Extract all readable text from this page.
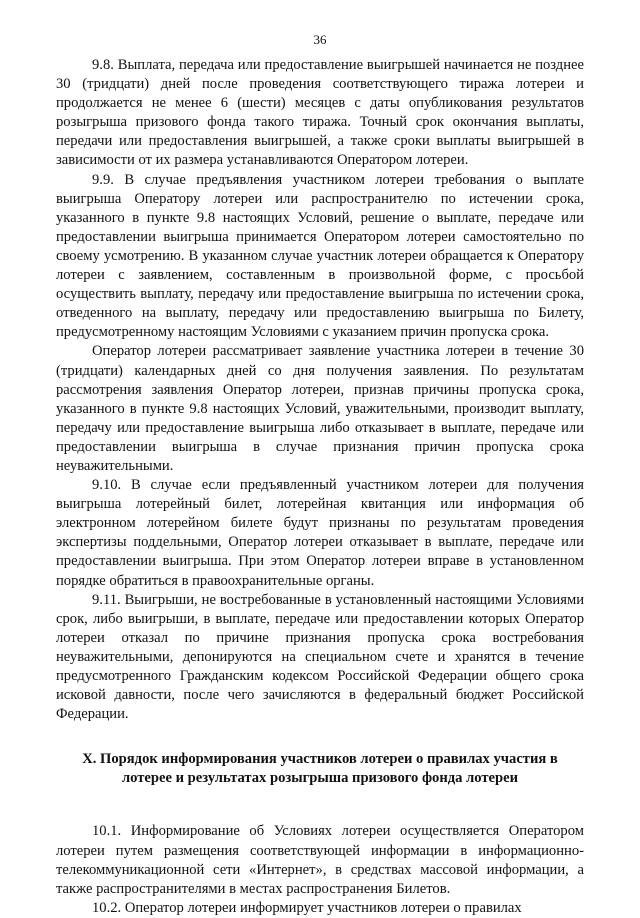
36

9.8. Выплата, передача или предоставление выигрышей начинается не позднее 30 (тридцати) дней после проведения соответствующего тиража лотереи и продолжается не менее 6 (шести) месяцев с даты опубликования результатов розыгрыша призового фонда такого тиража. Точный срок окончания выплаты, передачи или предоставления выигрышей, а также сроки выплаты выигрышей в зависимости от их размера устанавливаются Оператором лотереи.

9.9. В случае предъявления участником лотереи требования о выплате выигрыша Оператору лотереи или распространителю по истечении срока, указанного в пункте 9.8 настоящих Условий, решение о выплате, передаче или предоставлении выигрыша принимается Оператором лотереи самостоятельно по своему усмотрению. В указанном случае участник лотереи обращается к Оператору лотереи с заявлением, составленным в произвольной форме, с просьбой осуществить выплату, передачу или предоставление выигрыша по истечении срока, отведенного на выплату, передачу или предоставлению выигрыша по Билету, предусмотренному настоящим Условиями с указанием причин пропуска срока.

Оператор лотереи рассматривает заявление участника лотереи в течение 30 (тридцати) календарных дней со дня получения заявления. По результатам рассмотрения заявления Оператор лотереи, признав причины пропуска срока, указанного в пункте 9.8 настоящих Условий, уважительными, производит выплату, передачу или предоставление выигрыша либо отказывает в выплате, передаче или предоставлении выигрыша в случае признания причин пропуска срока неуважительными.

9.10. В случае если предъявленный участником лотереи для получения выигрыша лотерейный билет, лотерейная квитанция или информация об электронном лотерейном билете будут признаны по результатам проведения экспертизы поддельными, Оператор лотереи отказывает в выплате, передаче или предоставлении выигрыша. При этом Оператор лотереи вправе в установленном порядке обратиться в правоохранительные органы.

9.11. Выигрыши, не востребованные в установленный настоящими Условиями срок, либо выигрыши, в выплате, передаче или предоставлении которых Оператор лотереи отказал по причине признания пропуска срока востребования неуважительными, депонируются на специальном счете и хранятся в течение предусмотренного Гражданским кодексом Российской Федерации общего срока исковой давности, после чего зачисляются в федеральный бюджет Российской Федерации.

X. Порядок информирования участников лотереи о правилах участия в лотерее и результатах розыгрыша призового фонда лотереи

10.1. Информирование об Условиях лотереи осуществляется Оператором лотереи путем размещения соответствующей информации в информационно-телекоммуникационной сети «Интернет», в средствах массовой информации, а также распространителями в местах распространения Билетов.

10.2. Оператор лотереи информирует участников лотереи о правилах
